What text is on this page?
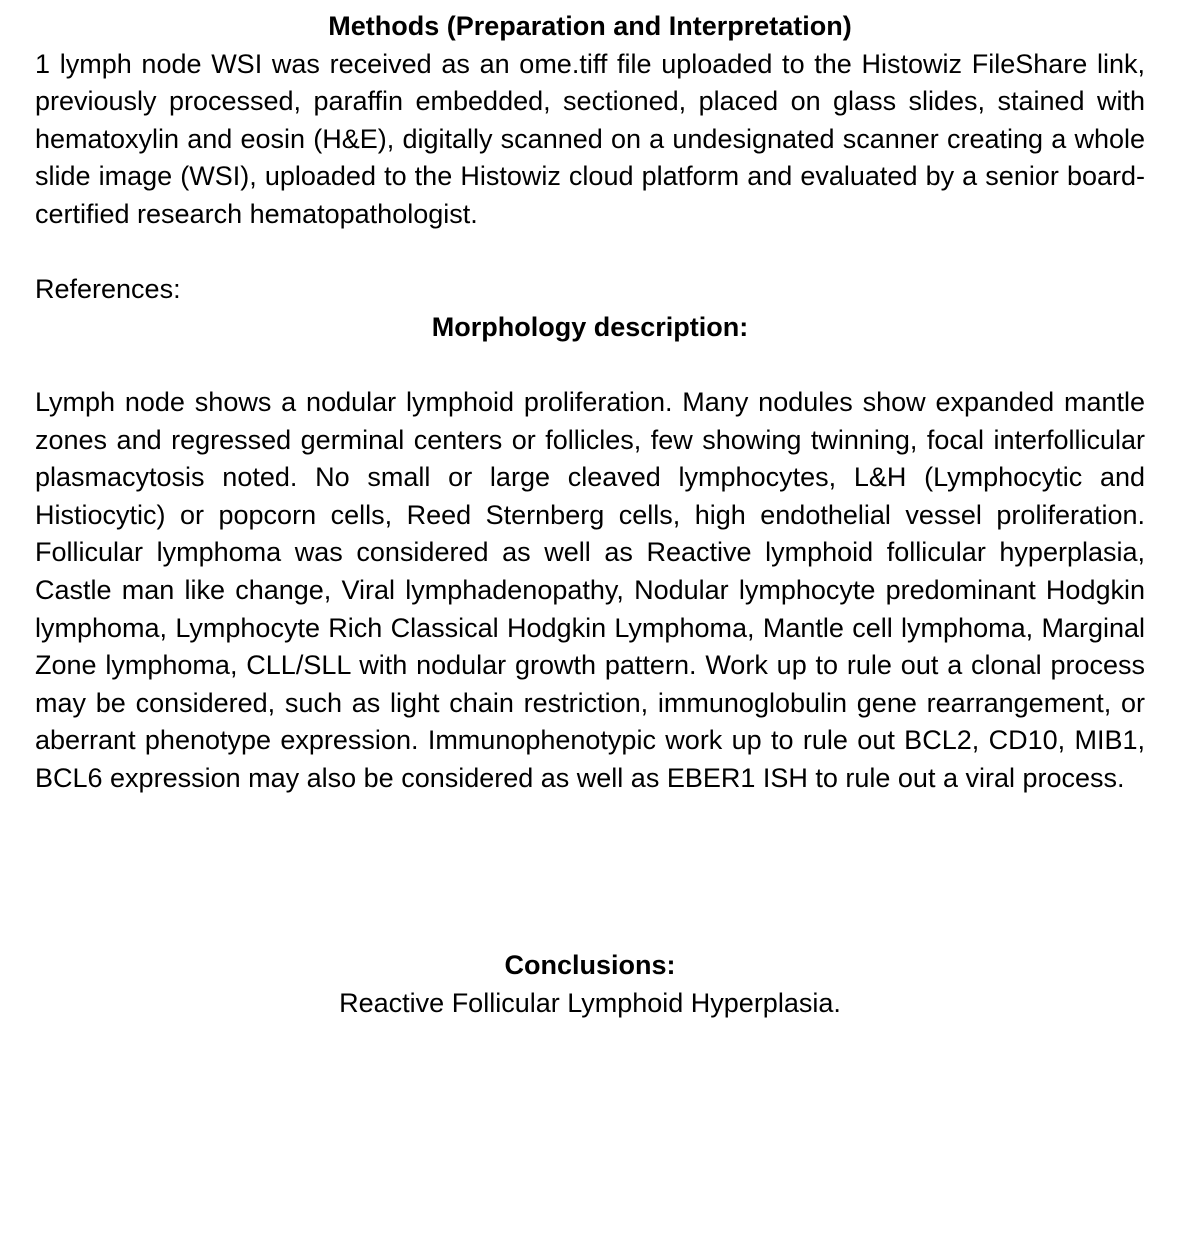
Methods (Preparation and Interpretation)

1 lymph node WSI was received as an ome.tiff file uploaded to the Histowiz FileShare link, previously processed, paraffin embedded, sectioned, placed on glass slides, stained with hematoxylin and eosin (H&E), digitally scanned on a undesignated scanner creating a whole slide image (WSI), uploaded to the Histowiz cloud platform and evaluated by a senior board-certified research hematopathologist.

References:

Morphology description:

Lymph node shows a nodular lymphoid proliferation. Many nodules show expanded mantle zones and regressed germinal centers or follicles, few showing twinning, focal interfollicular plasmacytosis noted. No small or large cleaved lymphocytes, L&H (Lymphocytic and Histiocytic) or popcorn cells, Reed Sternberg cells, high endothelial vessel proliferation. Follicular lymphoma was considered as well as Reactive lymphoid follicular hyperplasia, Castle man like change, Viral lymphadenopathy, Nodular lymphocyte predominant Hodgkin lymphoma, Lymphocyte Rich Classical Hodgkin Lymphoma, Mantle cell lymphoma, Marginal Zone lymphoma, CLL/SLL with nodular growth pattern. Work up to rule out a clonal process may be considered, such as light chain restriction, immunoglobulin gene rearrangement, or aberrant phenotype expression. Immunophenotypic work up to rule out BCL2, CD10, MIB1, BCL6 expression may also be considered as well as EBER1 ISH to rule out a viral process.

Conclusions:

Reactive Follicular Lymphoid Hyperplasia.
